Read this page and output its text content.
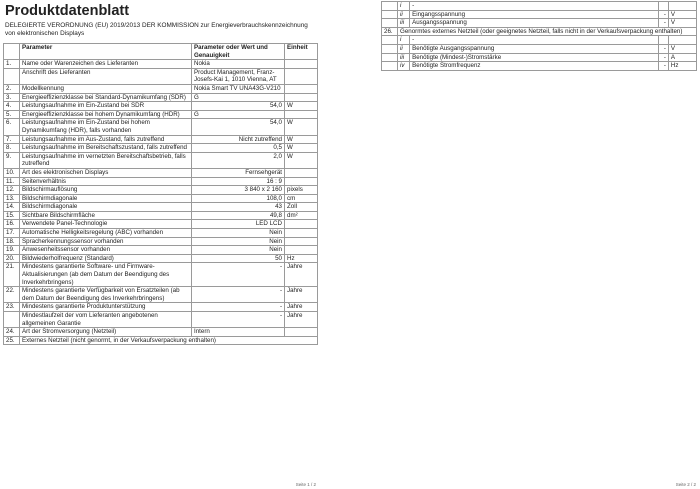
Produktdatenblatt
DELEGIERTE VERORDNUNG (EU) 2019/2013 DER KOMMISSION zur Energieverbrauchskennzeichnung von elektronischen Displays
	Parameter	Parameter oder Wert und Genauigkeit	Einheit
1.	Name oder Warenzeichen des Lieferanten	Nokia	
	Anschrift des Lieferanten	Product Management, Franz-Josefs-Kai 1, 1010 Vienna, AT	
2.	Modellkennung	Nokia Smart TV UNA43G-V210	
3.	Energieeffizienzklasse bei Standard-Dynamikumfang (SDR)	G	
4.	Leistungsaufnahme im Ein-Zustand bei SDR	54,0	W
5.	Energieeffizienzklasse bei hohem Dynamikumfang (HDR)	G	
6.	Leistungsaufnahme im Ein-Zustand bei hohem Dynamikumfang (HDR), falls vorhanden	54,0	W
7.	Leistungsaufnahme im Aus-Zustand, falls zutreffend	Nicht zutreffend	W
8.	Leistungsaufnahme im Bereitschaftszustand, falls zutreffend	0,5	W
9.	Leistungsaufnahme im vernetzten Bereitschaftsbetrieb, falls zutreffend	2,0	W
10.	Art des elektronischen Displays	Fernsehgerät	
11.	Seitenverhältnis	16 : 9	
12.	Bildschirmauflösung	3 840 x 2 160	pixels
13.	Bildschirmdiagonale	108,0	cm
14.	Bildschirmdiagonale	43	Zoll
15.	Sichtbare Bildschirmfläche	49,8	dm²
16.	Verwendete Panel-Technologie	LED LCD	
17.	Automatische Helligkeitsregelung (ABC) vorhanden	Nein	
18.	Spracherkennungssensor vorhanden	Nein	
19.	Anwesenheitssensor vorhanden	Nein	
20.	Bildwiederholfrequenz (Standard)	50	Hz
21.	Mindestens garantierte Software- und Firmware-Aktualisierungen (ab dem Datum der Beendigung des Inverkehrbringens)	-	Jahre
22.	Mindestens garantierte Verfügbarkeit von Ersatzteilen (ab dem Datum der Beendigung des Inverkehrbringens)	-	Jahre
23.	Mindestens garantierte Produktunterstützung	-	Jahre
	Mindestlaufzeit der vom Lieferanten angebotenen allgemeinen Garantie	-	Jahre
24.	Art der Stromversorgung (Netzteil)	Intern	
25.	Externes Netzteil (nicht genormt, in der Verkaufsverpackung enthalten)		
Seite 1 / 2
	i	-		
	ii	Eingangsspannung	-	V
	iii	Ausgangsspannung	-	V
26.	Genormtes externes Netzteil (oder geeignetes Netzteil, falls nicht in der Verkaufsverpackung enthalten)			
	i	-		
	ii	Benötigte Ausgangsspannung	-	V
	iii	Benötigte (Mindest-)Stromstärke	-	A
	iv	Benötigte Stromfrequenz	-	Hz
Seite 2 / 2
